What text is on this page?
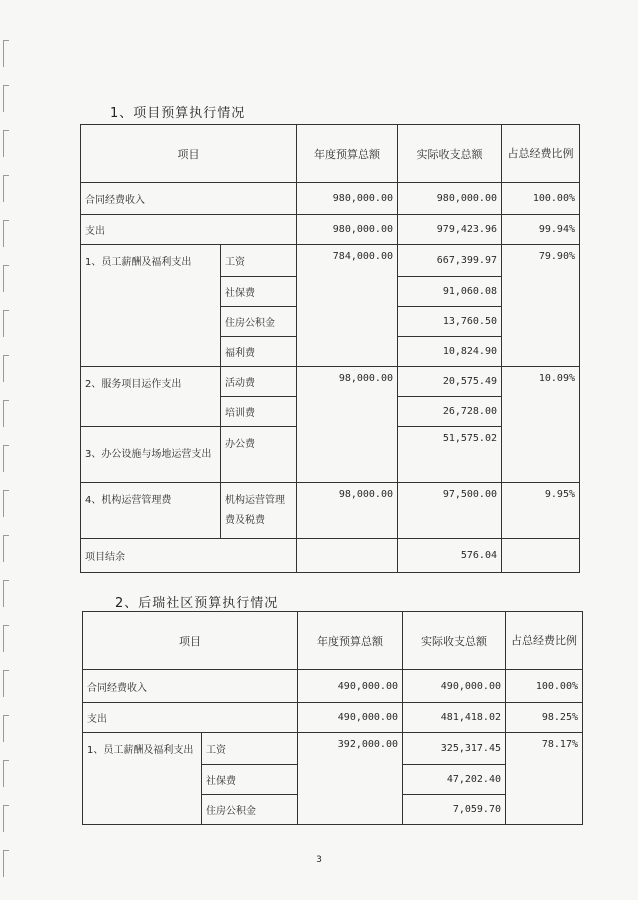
1、项目预算执行情况
项目		年度预算总额	实际收支总额	占总经费比例
合同经费收入		980,000.00	980,000.00	100.00%
支出		980,000.00	979,423.96	99.94%
1、员工薪酬及福利支出	工资	784,000.00	667,399.97	79.90%
	社保费		91,060.08	
	住房公积金		13,760.50	
	福利费		10,824.90	
2、服务项目运作支出	活动费	98,000.00	20,575.49	10.09%
	培训费		26,728.00	
3、办公设施与场地运营支出	办公费		51,575.02	
4、机构运营管理费	机构运营管理费及税费	98,000.00	97,500.00	9.95%
项目结余			576.04	
2、后瑞社区预算执行情况
项目		年度预算总额	实际收支总额	占总经费比例
合同经费收入		490,000.00	490,000.00	100.00%
支出		490,000.00	481,418.02	98.25%
1、员工薪酬及福利支出	工资	392,000.00	325,317.45	78.17%
	社保费		47,202.40	
	住房公积金		7,059.70	
3
